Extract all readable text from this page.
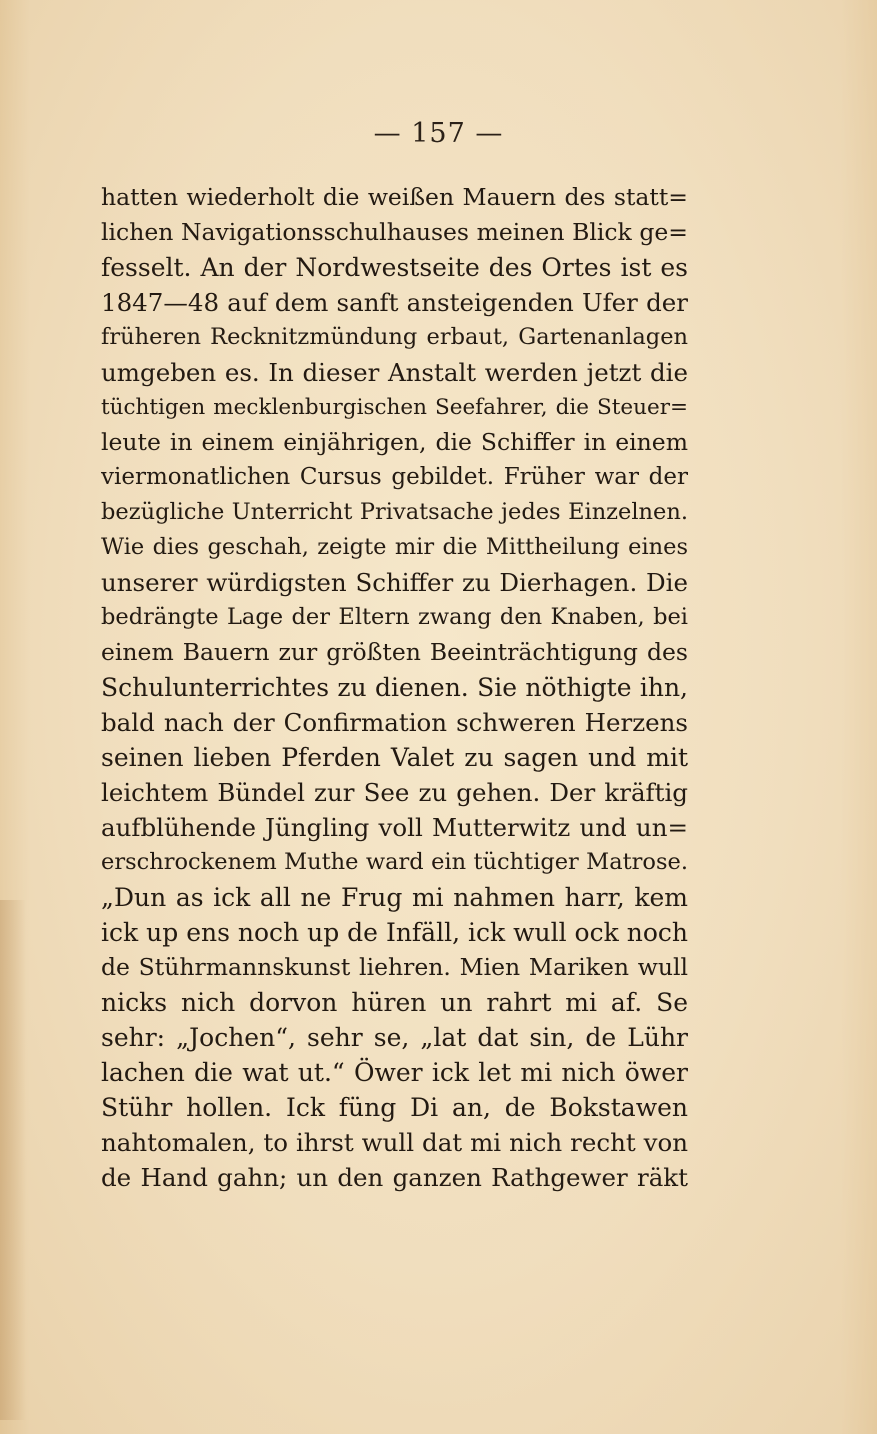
— 157 —

hatten wiederholt die weißen Mauern des statt=
lichen Navigationsschulhauses meinen Blick ge=
fesselt. An der Nordwestseite des Ortes ist es
1847—48 auf dem sanft ansteigenden Ufer der
früheren Recknitzmündung erbaut, Gartenanlagen
umgeben es. In dieser Anstalt werden jetzt die
tüchtigen mecklenburgischen Seefahrer, die Steuer=
leute in einem einjährigen, die Schiffer in einem
viermonatlichen Cursus gebildet. Früher war der
bezügliche Unterricht Privatsache jedes Einzelnen.
Wie dies geschah, zeigte mir die Mittheilung eines
unserer würdigsten Schiffer zu Dierhagen. Die
bedrängte Lage der Eltern zwang den Knaben, bei
einem Bauern zur größten Beeinträchtigung des
Schulunterrichtes zu dienen. Sie nöthigte ihn,
bald nach der Confirmation schweren Herzens
seinen lieben Pferden Valet zu sagen und mit
leichtem Bündel zur See zu gehen. Der kräftig
aufblühende Jüngling voll Mutterwitz und un=
erschrockenem Muthe ward ein tüchtiger Matrose.
„Dun as ick all ne Frug mi nahmen harr, kem
ick up ens noch up de Infäll, ick wull ock noch
de Stührmannskunst liehren. Mien Mariken wull
nicks nich dorvon hüren un rahrt mi af. Se
sehr: „Jochen“, sehr se, „lat dat sin, de Lühr
lachen die wat ut.“ Öwer ick let mi nich öwer
Stühr hollen. Ick füng Di an, de Bokstawen
nahtomalen, to ihrst wull dat mi nich recht von
de Hand gahn; un den ganzen Rathgewer räkt
